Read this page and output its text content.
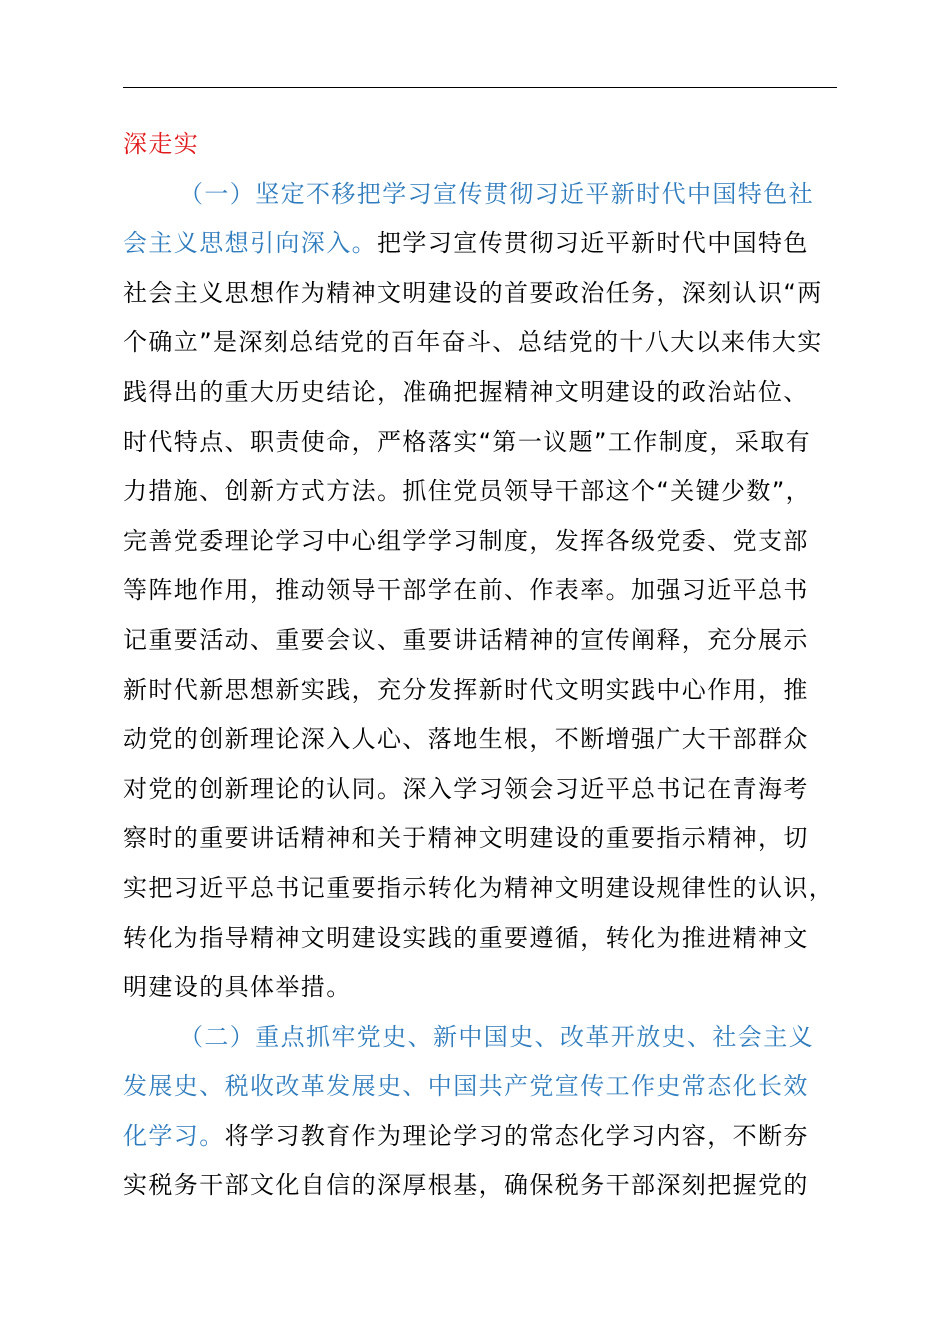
深走实
（一）坚定不移把学习宣传贯彻习近平新时代中国特色社
会主义思想引向深入。把学习宣传贯彻习近平新时代中国特色
社会主义思想作为精神文明建设的首要政治任务，深刻认识“两
个确立”是深刻总结党的百年奋斗、总结党的十八大以来伟大实
践得出的重大历史结论，准确把握精神文明建设的政治站位、
时代特点、职责使命，严格落实“第一议题”工作制度，采取有
力措施、创新方式方法。抓住党员领导干部这个“关键少数”，
完善党委理论学习中心组学学习制度，发挥各级党委、党支部
等阵地作用，推动领导干部学在前、作表率。加强习近平总书
记重要活动、重要会议、重要讲话精神的宣传阐释，充分展示
新时代新思想新实践，充分发挥新时代文明实践中心作用，推
动党的创新理论深入人心、落地生根，不断增强广大干部群众
对党的创新理论的认同。深入学习领会习近平总书记在青海考
察时的重要讲话精神和关于精神文明建设的重要指示精神，切
实把习近平总书记重要指示转化为精神文明建设规律性的认识，
转化为指导精神文明建设实践的重要遵循，转化为推进精神文
明建设的具体举措。
（二）重点抓牢党史、新中国史、改革开放史、社会主义
发展史、税收改革发展史、中国共产党宣传工作史常态化长效
化学习。将学习教育作为理论学习的常态化学习内容，不断夯
实税务干部文化自信的深厚根基，确保税务干部深刻把握党的
